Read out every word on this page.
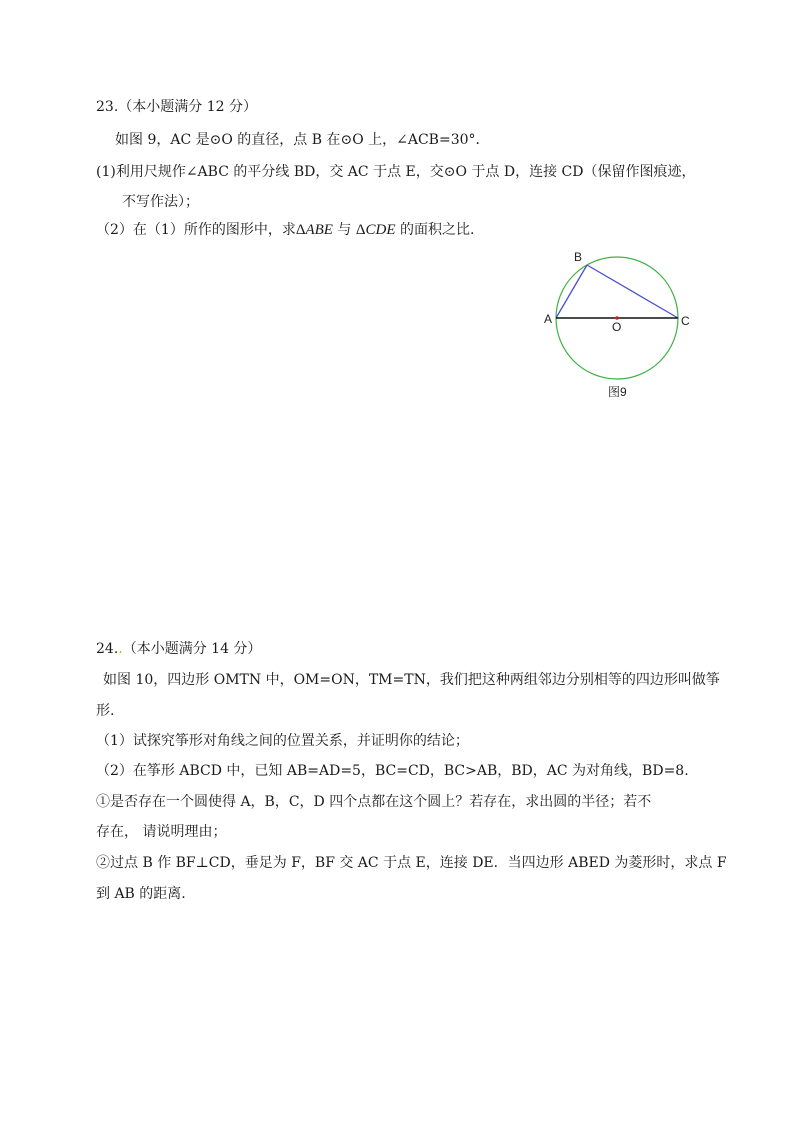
23.（本小题满分 12 分）
如图 9，AC 是⊙O 的直径，点 B 在⊙O 上，∠ACB=30°．
(1)利用尺规作∠ABC 的平分线 BD，交 AC 于点 E，交⊙O 于点 D，连接 CD（保留作图痕迹，
不写作法）；
（2）在（1）所作的图形中，求ΔABE 与 ΔCDE 的面积之比.
B
A
O	C
图9
24..（本小题满分 14 分）
如图 10，四边形 OMTN 中，OM=ON，TM=TN，我们把这种两组邻边分别相等的四边形叫做筝
形.
（1）试探究筝形对角线之间的位置关系，并证明你的结论；
（2）在筝形 ABCD 中，已知 AB=AD=5，BC=CD，BC>AB，BD，AC 为对角线，BD=8.
①是否存在一个圆使得 A，B，C，D 四个点都在这个圆上？若存在，求出圆的半径；若不
存在， 请说明理由；
②过点 B 作 BF⊥CD，垂足为 F，BF 交 AC 于点 E，连接 DE．当四边形 ABED 为菱形时，求点 F
到 AB 的距离.
